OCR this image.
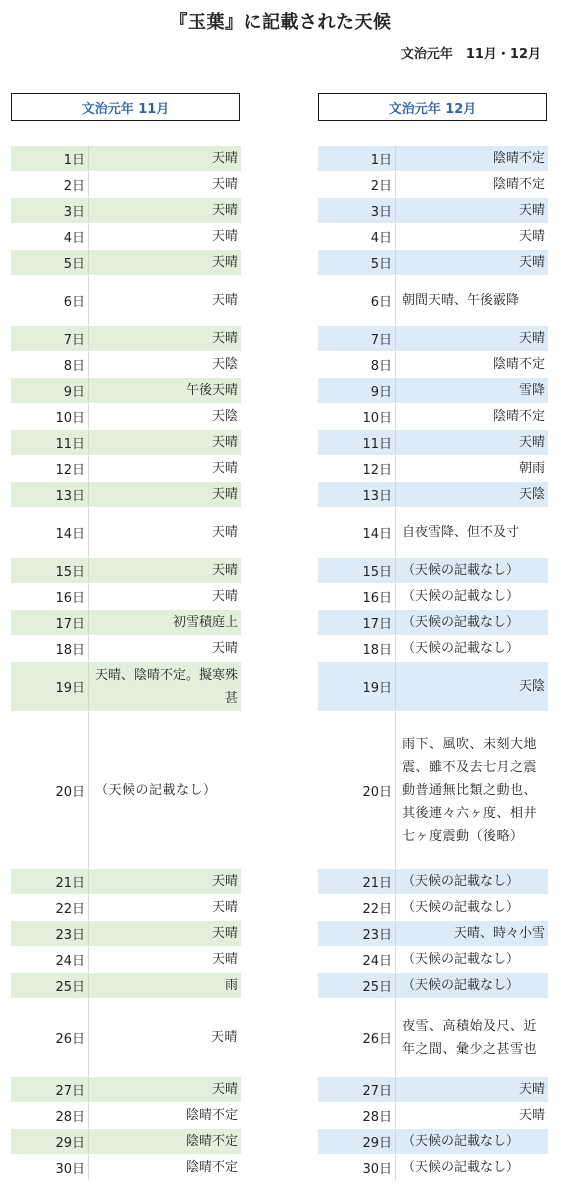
『玉葉』に記載された天候
文治元年　11月・12月
文治元年 11月	文治元年 12月
1日	天晴
2日	天晴
3日	天晴
4日	天晴
5日	天晴
6日	天晴
7日	天晴
8日	天陰
9日	午後天晴
10日	天陰
11日	天晴
12日	天晴
13日	天晴
14日	天晴
15日	天晴
16日	天晴
17日	初雪積庭上
18日	天晴
19日
天晴、陰晴不定。擬寒殊甚
20日 （天候の記載なし）
21日	天晴
22日	天晴
23日	天晴
24日	天晴
25日	雨
26日	天晴
27日	天晴
28日	陰晴不定
29日	陰晴不定
30日	陰晴不定
1日	陰晴不定
2日	陰晴不定
3日	天晴
4日	天晴
5日	天晴
6日 朝間天晴、午後霰降
7日	天晴
8日	陰晴不定
9日	雪降
10日	陰晴不定
11日	天晴
12日	朝雨
13日	天陰
14日 自夜雪降、但不及寸
15日 （天候の記載なし）
16日 （天候の記載なし）
17日 （天候の記載なし）
18日 （天候の記載なし）
19日	天陰
20日
雨下、風吹、未刻大地震、雖不及去七月之震動普通無比類之動也、其後連々六ヶ度、相井七ヶ度震動（後略）
21日 （天候の記載なし）
22日 （天候の記載なし）
23日	天晴、時々小雪
24日 （天候の記載なし）
25日 （天候の記載なし）
26日
夜雪、高積始及尺、近年之間、彙少之甚雪也
27日	天晴
28日	天晴
29日 （天候の記載なし）
30日 （天候の記載なし）
